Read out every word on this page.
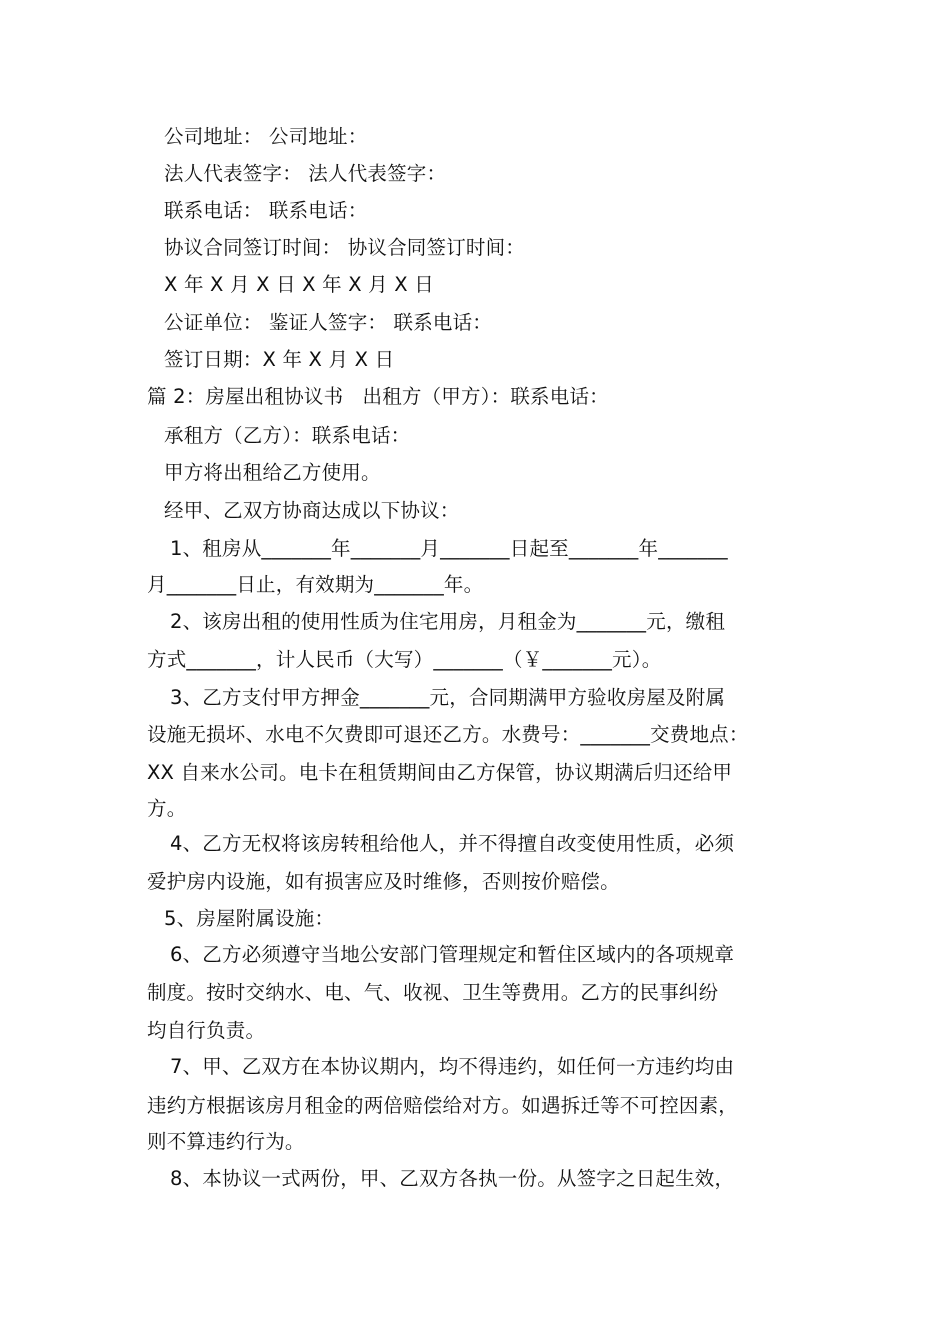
公司地址： 公司地址：
法人代表签字： 法人代表签字：
联系电话： 联系电话：
协议合同签订时间： 协议合同签订时间：
X 年 X 月 X 日 X 年 X 月 X 日
公证单位： 鉴证人签字： 联系电话：
签订日期：X 年 X 月 X 日
篇 2：房屋出租协议书   出租方（甲方）：联系电话：
承租方（乙方）：联系电话：
甲方将出租给乙方使用。
经甲、乙双方协商达成以下协议：
1、租房从_______年_______月_______日起至_______年_______
月_______日止，有效期为_______年。
2、该房出租的使用性质为住宅用房，月租金为_______元，缴租
方式_______，计人民币（大写）_______（￥_______元）。
3、乙方支付甲方押金_______元，合同期满甲方验收房屋及附属
设施无损坏、水电不欠费即可退还乙方。水费号：_______交费地点：
XX 自来水公司。电卡在租赁期间由乙方保管，协议期满后归还给甲
方。
4、乙方无权将该房转租给他人，并不得擅自改变使用性质，必须
爱护房内设施，如有损害应及时维修，否则按价赔偿。
5、房屋附属设施：
6、乙方必须遵守当地公安部门管理规定和暂住区域内的各项规章
制度。按时交纳水、电、气、收视、卫生等费用。乙方的民事纠纷
均自行负责。
7、甲、乙双方在本协议期内，均不得违约，如任何一方违约均由
违约方根据该房月租金的两倍赔偿给对方。如遇拆迁等不可控因素，
则不算违约行为。
8、本协议一式两份，甲、乙双方各执一份。从签字之日起生效，
